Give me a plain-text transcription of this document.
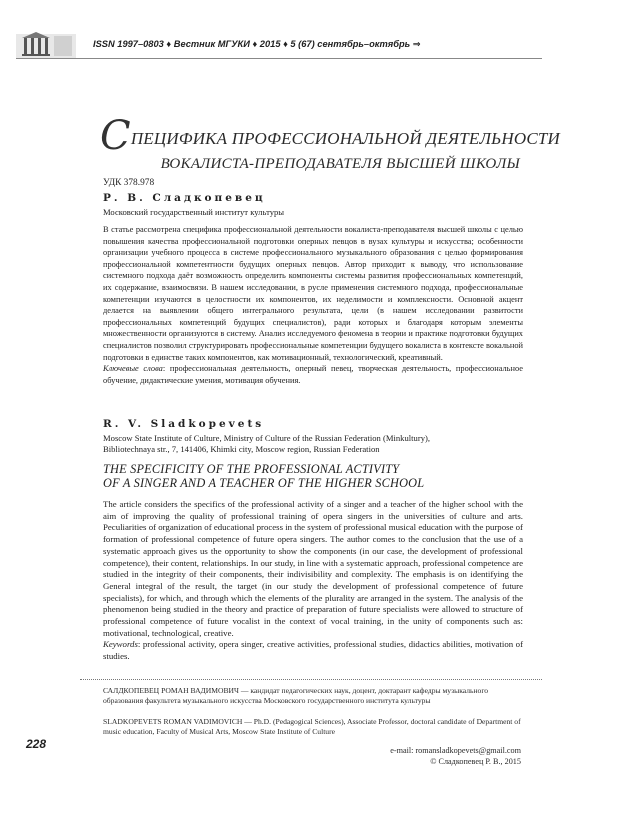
ISSN 1997–0803 ♦ Вестник МГУКИ ♦ 2015 ♦ 5 (67) сентябрь–октябрь ⇒
СПЕЦИФИКА ПРОФЕССИОНАЛЬНОЙ ДЕЯТЕЛЬНОСТИ
ВОКАЛИСТА-ПРЕПОДАВАТЕЛЯ ВЫСШЕЙ ШКОЛЫ
УДК 378.978
Р. В. Сладкопевец
Московский государственный институт культуры

В статье рассмотрена специфика профессиональной деятельности вокалиста-преподавателя высшей школы с целью повышения качества профессиональной подготовки оперных певцов в вузах культуры и искусства; особенности организации учебного процесса в системе профессионального музыкального образования с целью формирования профессиональной компетентности будущих оперных певцов. Автор приходит к выводу, что использование системного подхода даёт возможность определить компоненты системы развития профессиональных компетенций, их содержание, взаимосвязи. В нашем исследовании, в русле применения системного подхода, профессиональные компетенции изучаются в целостности их компонентов, их неделимости и комплексности. Основной акцент делается на выявлении общего интегрального результата, цели (в нашем исследовании развитости профессиональных компетенций будущих специалистов), ради которых и благодаря которым элементы множественности организуются в систему. Анализ исследуемого феномена в теории и практике подготовки будущих специалистов позволил структурировать профессиональные компетенции будущего вокалиста в контексте вокальной подготовки в единстве таких компонентов, как мотивационный, технологический, креативный.

Ключевые слова: профессиональная деятельность, оперный певец, творческая деятельность, профессиональное обучение, дидактические умения, мотивация обучения.

R. V. Sladkopevets
Moscow State Institute of Culture, Ministry of Culture of the Russian Federation (Minkultury),
Bibliotechnaya str., 7, 141406, Khimki city, Moscow region, Russian Federation
THE SPECIFICITY OF THE PROFESSIONAL ACTIVITY
OF A SINGER AND A TEACHER OF THE HIGHER SCHOOL

The article considers the specifics of the professional activity of a singer and a teacher of the higher school with the aim of improving the quality of professional training of opera singers in the universities of culture and arts. Peculiarities of organization of educational process in the system of professional musical education with the purpose of formation of professional competence of future opera singers. The author comes to the conclusion that the use of a systematic approach gives us the opportunity to show the components (in our case, the development of professional competence), their content, relationships. In our study, in line with a systematic approach, professional competence are studied in the integrity of their components, their indivisibility and complexity. The emphasis is on identifying the General integral of the result, the target (in our study the development of professional competence of future specialists), for which, and through which the elements of the plurality are arranged in the system. The analysis of the phenomenon being studied in the theory and practice of preparation of future specialists were allowed to structure of professional competence of future vocalist in the context of vocal training, in the unity of components such as: motivational, technological, creative.

Keywords: professional activity, opera singer, creative activities, professional studies, didactics abilities, motivation of studies.

САЛДКОПЕВЕЦ РОМАН ВАДИМОВИЧ — кандидат педагогических наук, доцент, доктарант кафедры музыкального образования факультета музыкального искусства Московского государственного института культуры
SLADKOPEVETS ROMAN VADIMOVICH — Ph.D. (Pedagogical Sciences), Associate Professor, doctoral candidate of Department of music education, Faculty of Musical Arts, Moscow State Institute of Culture
228	e-mail: romansladkopevets@gmail.com
© Сладкопевец Р. В., 2015
